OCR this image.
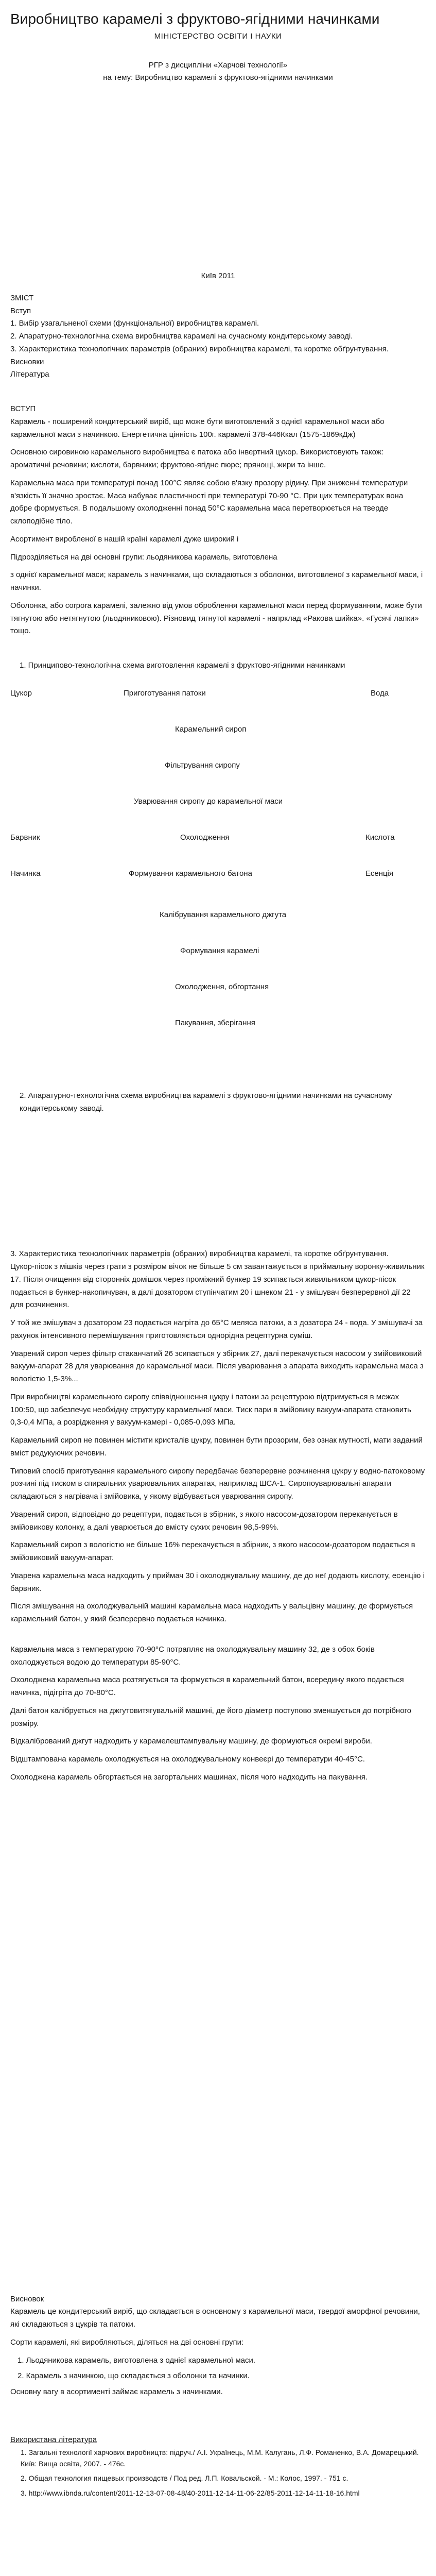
Виробництво карамелі з фруктово-ягідними начинками
МІНІСТЕРСТВО ОСВІТИ І НАУКИ
РГР з дисципліни «Харчові технології»
на тему: Виробництво карамелі з фруктово-ягідними начинками
Київ 2011
ЗМІСТ
Вступ
1. Вибір узагальненої схеми (функціональної) виробництва карамелі.
2. Апаратурно-технологічна схема виробництва карамелі на сучасному кондитерському заводі.
3. Характеристика технологічних параметрів (обраних) виробництва карамелі, та коротке обґрунтування.
Висновки
Література
ВСТУП

Карамель - поширений кондитерський виріб, що може бути виготовлений з однієї карамельної маси або карамельної маси з начинкою. Енергетична цінність 100г. карамелі 378-446Ккал (1575-1869кДж)

Основною сировиною карамельного виробництва є патока або інвертний цукор. Використовують також: ароматичні речовини; кислоти, барвники; фруктово-ягідне пюре; прянощі, жири та інше.

Карамельна маса при температурі понад 100°С являє собою в'язку прозору рідину. При зниженні температури в'язкість її значно зростає. Маса набуває пластичності при температурі 70-90 °С. При цих температурах вона добре формується. В подальшому охолодженні понад 50°С карамельна маса перетворюється на тверде склоподібне тіло.

Асортимент виробленої в нашій країні карамелі дуже широкий і

Підрозділяється на дві основні групи: льодяникова карамель, виготовлена

з однієї карамельної маси; карамель з начинками, що складаються з оболонки, виготовленої з карамельної маси, і начинки.

Оболонка, або corpora карамелі, залежно від умов оброблення карамельної маси перед формуванням, може бути тягнутою або нетягнутою (льодяниковою). Різновид тягнутої карамелі - напрклад «Раковa шийка». «Гусячі лапки» тощо.

1. Принципово-технологічна схема виготовлення карамелі з фруктово-ягідними начинками
Цукор	Пригоготування патоки	Вода
Карамельний сироп
Фільтрування сиропу
Уварювання сиропу до карамельної маси
Барвник	Охолодження	Кислота
Начинка	Формування карамельного батона	Есенція
Калібрування карамельного джгута
Формування карамелі
Охолодження, обгортання
Пакування, зберігання
2. Апаратурно-технологічна схема виробництва карамелі з фруктово-ягідними начинками на сучасному кондитерському заводі.
3. Характеристика технологічних параметрів (обраних) виробництва карамелі, та коротке обґрунтування.

Цукор-пісок з мішків через грати з розміром вічок не більше 5 см завантажується в приймальну воронку-живильник 17. Після очищення від сторонніх домішок через проміжний бункер 19 зсипається живильником цукор-пісок подається в бункер-накопичувач, а далі дозатором ступінчатим 20 і шнеком 21 - у змішувач безперервної дії 22 для розчинення.

У той же змішувач з дозатором 23 подається нагріта до 65°С меляса патоки, а з дозатора 24 - вода. У змішувачі за рахунок інтенсивного перемішування приготовляється однорідна рецептурна суміш.

Уварений сироп через фільтр стаканчатий 26 зсипається у збірник 27, далі перекачується насосом у змійовиковий вакуум-апарат 28 для уварювання до карамельної маси. Після уварювання з апарата виходить карамельна маса з вологістю 1,5-3%...

При виробництві карамельного сиропу співвідношення цукру і патоки за рецептурою підтримується в межах 100:50, що забезпечує необхідну структуру карамельної маси. Тиск пари в змійовику вакуум-апарата становить 0,3-0,4 МПа, а розрідження у вакуум-камері - 0,085-0,093 МПа.

Карамельний сироп не повинен містити кристалів цукру, повинен бути прозорим, без ознак мутності, мати заданий вміст редукуючих речовин.

Типовий спосіб приготування карамельного сиропу передбачає безперервне розчинення цукру у водно-патоковому розчині під тиском в спиральних уварювальних апаратах, наприклад ШСА-1. Сиропоуварювальні апарати складаються з нагрівача і змійовика, у якому відбувається уварювання сиропу.

Уварений сироп, відповідно до рецептури, подається в збірник, з якого насосом-дозатором перекачується в змійовикову колонку, а далі уварюється до вмісту сухих речовин 98,5-99%.

Карамельний сироп з вологістю не більше 16% перекачується в збірник, з якого насосом-дозатором подається в змійовиковий вакуум-апарат.

Уварена карамельна маса надходить у приймач 30 і охолоджувальну машину, де до неї додають кислоту, есенцію і барвник.

Після змішування на охолоджувальній машині карамельна маса надходить у вальцівну машину, де формується карамельний батон, у який безперервно подається начинка.

Карамельна маса з температурою 70-90°С потрапляє на охолоджувальну машину 32, де з обох боків охолоджується водою до температури 85-90°С.

Охолоджена карамельна маса розтягується та формується в карамельний батон, всередину якого подається начинка, підігріта до 70-80°С.

Далі батон калібрується на джгутовитягувальній машині, де його діаметр поступово зменшується до потрібного розміру.

Відкалібрований джгут надходить у карамелештампувальну машину, де формуються окремі вироби.

Відштампована карамель охолоджується на охолоджувальному конвеєрі до температури 40-45°С.

Охолоджена карамель обгортається на загортальних машинах, після чого надходить на пакування.

Висновок

Карамель це кондитерський виріб, що складається в основному з карамельної маси, твердої аморфної речовини, які складаються з цукрів та патоки.

Сорти карамелі, які виробляються, діляться на дві основні групи:

1. Льодяникова карамель, виготовлена з однієї карамельної маси.
2. Карамель з начинкою, що складається з оболонки та начинки.

Основну вагу в асортименті займає карамель з начинками.

Використана література

1. Загальні технології харчових виробництв: підруч./ А.І. Українець, М.М. Калугань, Л.Ф. Романенко, В.А. Домарецький. Київ: Вища освіта, 2007. - 476с.

2. Общая технология пищевых производств / Под ред. Л.П. Ковальской. - М.: Колос, 1997. - 751 с.

3. http://www.ibnda.ru/content/2011-12-13-07-08-48/40-2011-12-14-11-06-22/85-2011-12-14-11-18-16.html
